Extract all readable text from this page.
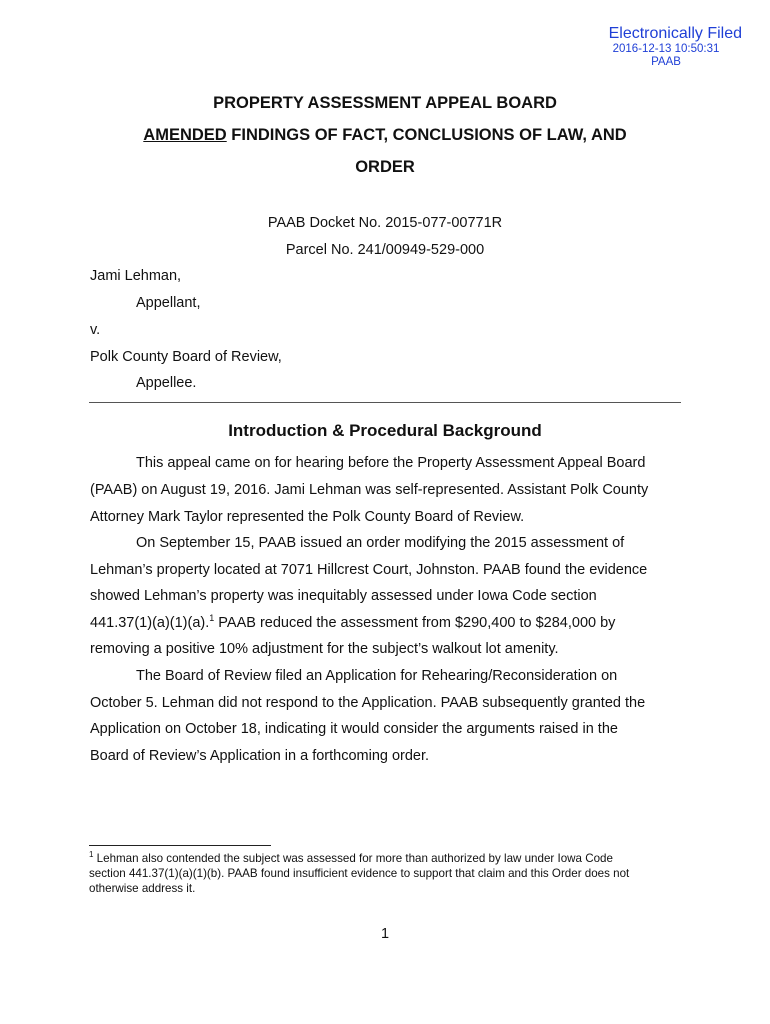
Electronically Filed
2016-12-13 10:50:31
PAAB
PROPERTY ASSESSMENT APPEAL BOARD
AMENDED FINDINGS OF FACT, CONCLUSIONS OF LAW, AND
ORDER
PAAB Docket No. 2015-077-00771R
Parcel No. 241/00949-529-000
Jami Lehman,
Appellant,
v.
Polk County Board of Review,
Appellee.
Introduction & Procedural Background
This appeal came on for hearing before the Property Assessment Appeal Board
(PAAB) on August 19, 2016. Jami Lehman was self-represented. Assistant Polk County
Attorney Mark Taylor represented the Polk County Board of Review.
On September 15, PAAB issued an order modifying the 2015 assessment of
Lehman’s property located at 7071 Hillcrest Court, Johnston. PAAB found the evidence
showed Lehman’s property was inequitably assessed under Iowa Code section
441.37(1)(a)(1)(a).$^1$ PAAB reduced the assessment from $290,400 to $284,000 by
removing a positive 10% adjustment for the subject’s walkout lot amenity.
The Board of Review filed an Application for Rehearing/Reconsideration on
October 5. Lehman did not respond to the Application. PAAB subsequently granted the
Application on October 18, indicating it would consider the arguments raised in the
Board of Review’s Application in a forthcoming order.
$^1$ Lehman also contended the subject was assessed for more than authorized by law under Iowa Code
section 441.37(1)(a)(1)(b). PAAB found insufficient evidence to support that claim and this Order does not
otherwise address it.
1
